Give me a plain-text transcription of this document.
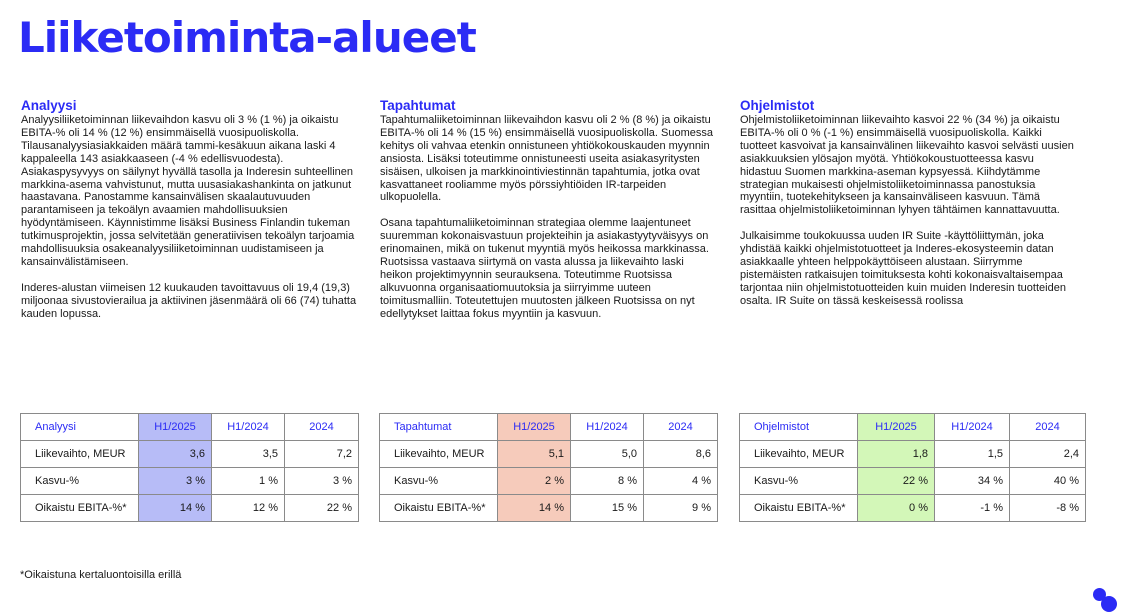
Liiketoiminta-alueet
Analyysi

Analyysiliiketoiminnan liikevaihdon kasvu oli 3 % (1 %) ja oikaistu EBITA-% oli 14 % (12 %) ensimmäisellä vuosipuoliskolla. Tilausanalyysiasiakkaiden määrä tammi-kesäkuun aikana laski 4 kappaleella 143 asiakkaaseen (-4 % edellisvuodesta). Asiakaspysyvyys on säilynyt hyvällä tasolla ja Inderesin suhteellinen markkina-asema vahvistunut, mutta uusasiakashankinta on jatkunut haastavana. Panostamme kansainvälisen skaalautuvuuden parantamiseen ja tekoälyn avaamien mahdollisuuksien hyödyntämiseen. Käynnistimme lisäksi Business Finlandin tukeman tutkimusprojektin, jossa selvitetään generatiivisen tekoälyn tarjoamia mahdollisuuksia osakeanalyysiliiketoiminnan uudistamiseen ja kansainvälistämiseen.

Inderes-alustan viimeisen 12 kuukauden tavoittavuus oli 19,4 (19,3) miljoonaa sivustovierailua ja aktiivinen jäsenmäärä oli 66 (74) tuhatta kauden lopussa.

Tapahtumat

Tapahtumaliiketoiminnan liikevaihdon kasvu oli 2 % (8 %) ja oikaistu EBITA-% oli 14 % (15 %) ensimmäisellä vuosipuoliskolla. Suomessa kehitys oli vahvaa etenkin onnistuneen yhtiökokouskauden myynnin ansiosta. Lisäksi toteutimme onnistuneesti useita asiakasyritysten sisäisen, ulkoisen ja markkinointiviestinnän tapahtumia, jotka ovat kasvattaneet rooliamme myös pörssiyhtiöiden IR-tarpeiden ulkopuolella.

Osana tapahtumaliiketoiminnan strategiaa olemme laajentuneet suuremman kokonaisvastuun projekteihin ja asiakastyytyväisyys on erinomainen, mikä on tukenut myyntiä myös heikossa markkinassa. Ruotsissa vastaava siirtymä on vasta alussa ja liikevaihto laski heikon projektimyynnin seurauksena. Toteutimme Ruotsissa alkuvuonna organisaatiomuutoksia ja siirryimme uuteen toimitusmalliin. Toteutettujen muutosten jälkeen Ruotsissa on nyt edellytykset laittaa fokus myyntiin ja kasvuun.

Ohjelmistot

Ohjelmistoliiketoiminnan liikevaihto kasvoi 22 % (34 %) ja oikaistu EBITA-% oli 0 % (-1 %) ensimmäisellä vuosipuoliskolla. Kaikki tuotteet kasvoivat ja kansainvälinen liikevaihto kasvoi selvästi uusien asiakkuuksien ylösajon myötä. Yhtiökokoustuotteessa kasvu hidastuu Suomen markkina-aseman kypsyessä. Kiihdytämme strategian mukaisesti ohjelmistoliiketoiminnassa panostuksia myyntiin, tuotekehitykseen ja kansainväliseen kasvuun. Tämä rasittaa ohjelmistoliiketoiminnan lyhyen tähtäimen kannattavuutta.

Julkaisimme toukokuussa uuden IR Suite -käyttöliittymän, joka yhdistää kaikki ohjelmistotuotteet ja Inderes-ekosysteemin datan asiakkaalle yhteen helppokäyttöiseen alustaan. Siirrymme pistemäisten ratkaisujen toimituksesta kohti kokonaisvaltaisempaa tarjontaa niin ohjelmistotuotteiden kuin muiden Inderesin tuotteiden osalta. IR Suite on tässä keskeisessä roolissa

Analyysi	H1/2025	H1/2024	2024
Liikevaihto, MEUR	3,6	3,5	7,2
Kasvu-%	3 %	1 %	3 %
Oikaistu EBITA-%*	14 %	12 %	22 %
Tapahtumat	H1/2025	H1/2024	2024
Liikevaihto, MEUR	5,1	5,0	8,6
Kasvu-%	2 %	8 %	4 %
Oikaistu EBITA-%*	14 %	15 %	9 %
Ohjelmistot	H1/2025	H1/2024	2024
Liikevaihto, MEUR	1,8	1,5	2,4
Kasvu-%	22 %	34 %	40 %
Oikaistu EBITA-%*	0 %	-1 %	-8 %
*Oikaistuna kertaluontoisilla erillä
